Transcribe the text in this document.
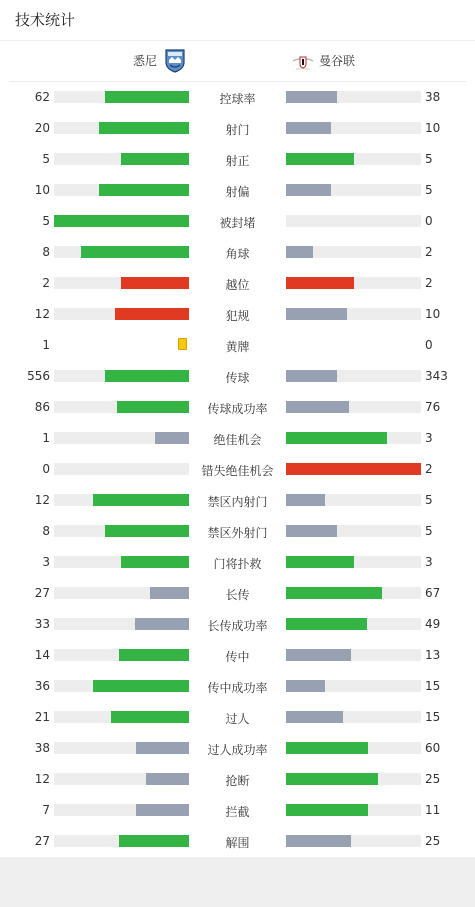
技术统计
悉尼	曼谷联
62	控球率	38
20	射门	10
5	射正	5
10	射偏	5
5	被封堵	0
8	角球	2
2	越位	2
12	犯规	10
1	黄牌	0
556	传球	343
86	传球成功率	76
1	绝佳机会	3
0	错失绝佳机会	2
12	禁区内射门	5
8	禁区外射门	5
3	门将扑救	3
27	长传	67
33	长传成功率	49
14	传中	13
36	传中成功率	15
21	过人	15
38	过人成功率	60
12	抢断	25
7	拦截	11
27	解围	25
